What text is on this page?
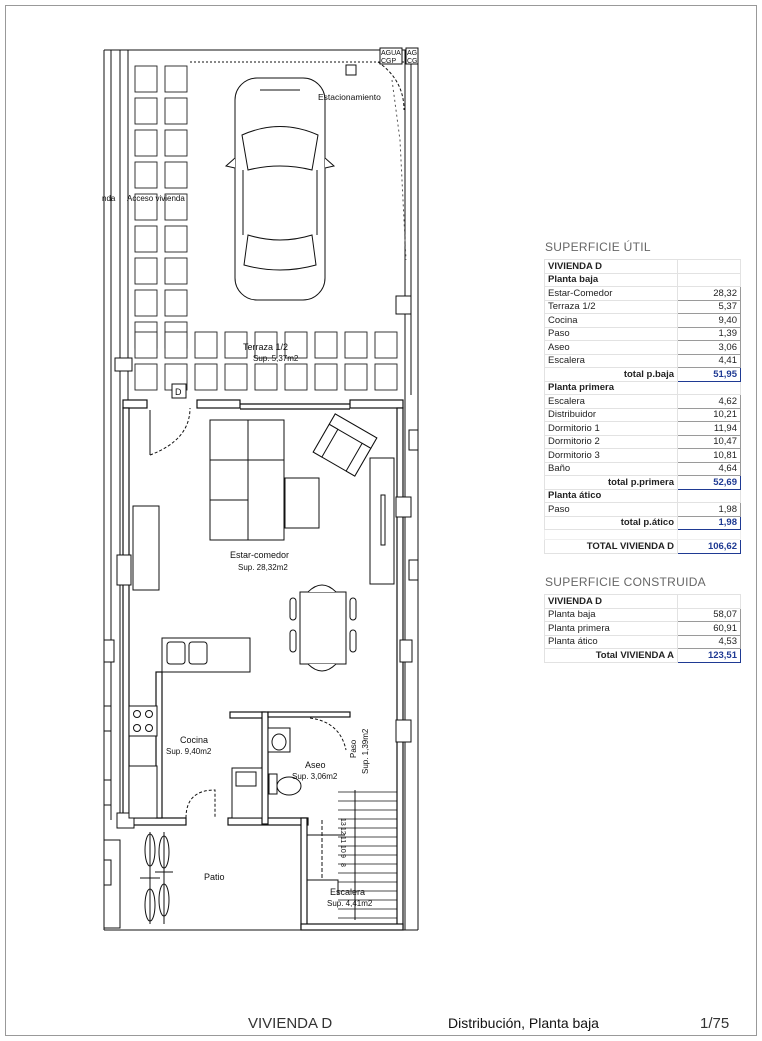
AGUA
CGP
AG
CG
Estacionamiento
nda Acceso vivienda
Terraza 1/2
Sup. 5,37m2
D
Estar-comedor
Sup. 28,32m2
Cocina
Sup. 9,40m2
Aseo
Sup. 3,06m2
Paso Sup. 1,39m2
Patio
Escalera
Sup. 4,41m2
8
9
10
11
12
13
SUPERFICIE ÚTIL
VIVIENDA D	
Planta baja	
Estar-Comedor	28,32
Terraza 1/2	5,37
Cocina	9,40
Paso	1,39
Aseo	3,06
Escalera	4,41
total p.baja	51,95
Planta primera	
Escalera	4,62
Distribuidor	10,21
Dormitorio 1	11,94
Dormitorio 2	10,47
Dormitorio 3	10,81
Baño	4,64
total p.primera	52,69
Planta ático	
Paso	1,98
total p.ático	1,98

TOTAL VIVIENDA D	106,62
SUPERFICIE CONSTRUIDA
VIVIENDA D	
Planta baja	58,07
Planta primera	60,91
Planta ático	4,53
Total VIVIENDA A	123,51
VIVIENDA D	Distribución, Planta baja	1/75
